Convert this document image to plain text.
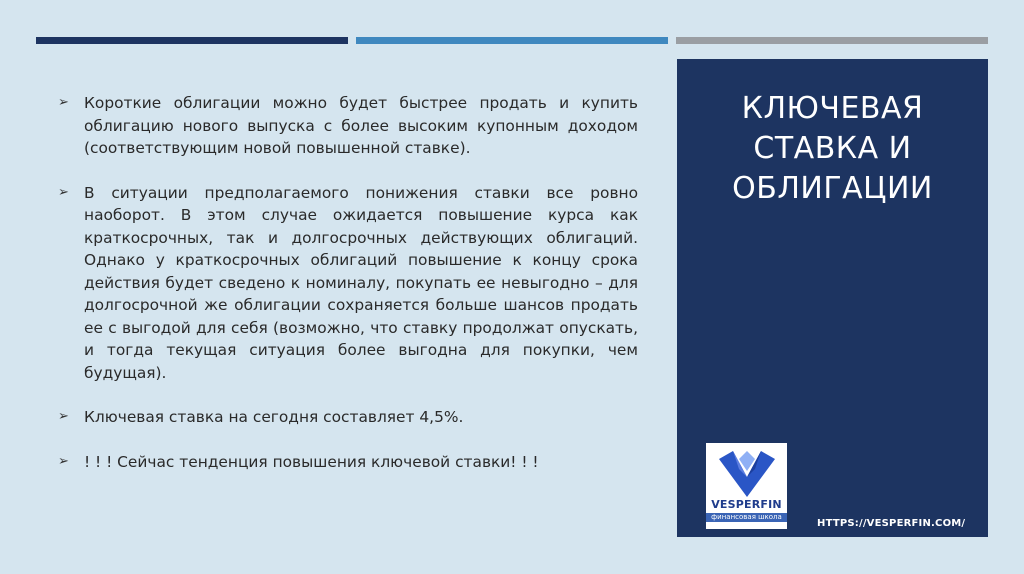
➢ Короткие облигации можно будет быстрее продать и купить облигацию нового выпуска с более высоким купонным доходом (соответствующим новой повышенной ставке).
➢ В ситуации предполагаемого понижения ставки все ровно наоборот. В этом случае ожидается повышение курса как краткосрочных, так и долгосрочных действующих облигаций. Однако у краткосрочных облигаций повышение к концу срока действия будет сведено к номиналу, покупать ее невыгодно – для долгосрочной же облигации сохраняется больше шансов продать ее с выгодой для себя (возможно, что ставку продолжат опускать, и тогда текущая ситуация более выгодна для покупки, чем будущая).
➢ Ключевая ставка на сегодня составляет 4,5%.
➢ ! ! ! Сейчас тенденция повышения ключевой ставки! ! !
КЛЮЧЕВАЯ
СТАВКА И
ОБЛИГАЦИИ
VESPERFIN
финансовая школа
HTTPS://VESPERFIN.COM/
